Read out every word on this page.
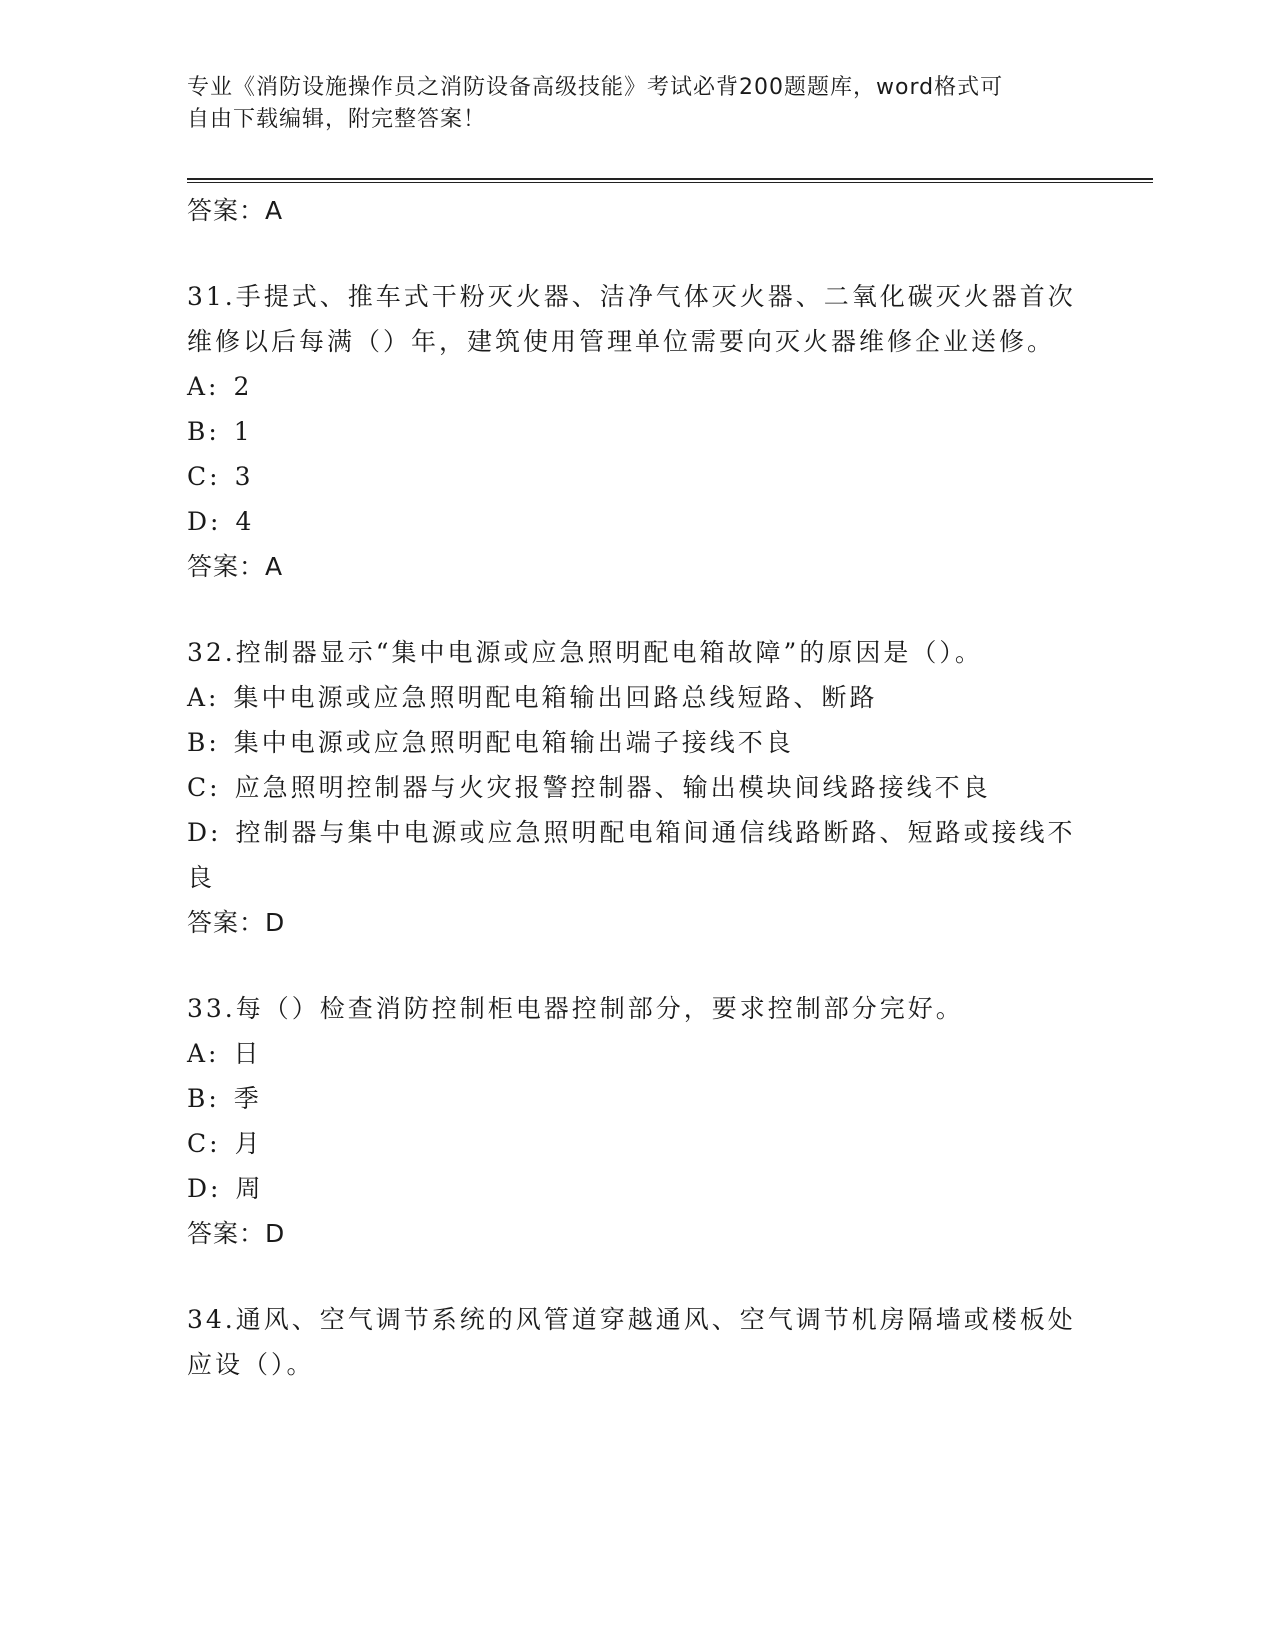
专业《消防设施操作员之消防设备高级技能》考试必背200题题库，word格式可
自由下载编辑，附完整答案！
答案：A
31.手提式、推车式干粉灭火器、洁净气体灭火器、二氧化碳灭火器首次维修以后每满（）年，建筑使用管理单位需要向灭火器维修企业送修。
A: 2
B: 1
C: 3
D: 4
答案：A
32.控制器显示“集中电源或应急照明配电箱故障”的原因是（）。
A: 集中电源或应急照明配电箱输出回路总线短路、断路
B: 集中电源或应急照明配电箱输出端子接线不良
C: 应急照明控制器与火灾报警控制器、输出模块间线路接线不良
D: 控制器与集中电源或应急照明配电箱间通信线路断路、短路或接线不良
答案：D
33.每（）检查消防控制柜电器控制部分，要求控制部分完好。
A: 日
B: 季
C: 月
D: 周
答案：D
34.通风、空气调节系统的风管道穿越通风、空气调节机房隔墙或楼板处应设（）。
